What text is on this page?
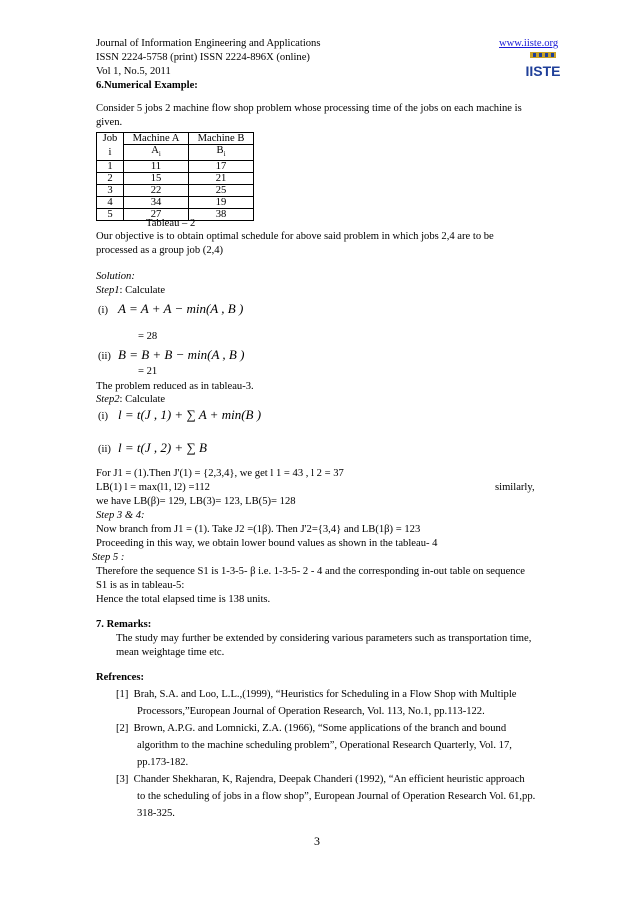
Journal of Information Engineering and Applications	www.iiste.org
ISSN 2224-5758 (print) ISSN 2224-896X (online)
Vol 1, No.5, 2011	IISTE
6.Numerical Example:
Consider 5 jobs 2 machine flow shop problem whose processing time of the jobs on each machine is
given.
Job	Machine A	Machine B
i	$A_i$	$B_i$
1	11	17
2	15	21
3	22	25
4	34	19
5	27	38
Tableau – 2
Our objective is to obtain optimal schedule for above said problem in which jobs 2,4 are to be
processed as a group job (2,4)
Solution:
Step1: Calculate
(i) A = A + A − min(A , B )
= 28
(ii) B = B + B − min(A , B )
= 21
The problem reduced as in tableau-3.
Step2: Calculate
(i) l = t(J , 1) + ∑ A + min(B )
(ii) l = t(J , 2) + ∑ B
For J1 = (1).Then J'(1) = {2,3,4}, we get l 1 = 43 , l 2 = 37
LB(1) l = max(l1, l2) =112	similarly,
we have LB(β)= 129, LB(3)= 123, LB(5)= 128
Step 3 & 4:
Now branch from J1 = (1). Take J2 =(1β). Then J'2={3,4} and LB(1β) = 123
Proceeding in this way, we obtain lower bound values as shown in the tableau- 4
Step 5 :
Therefore the sequence S1 is 1-3-5- β i.e. 1-3-5- 2 - 4 and the corresponding in-out table on sequence
S1 is as in tableau-5:
Hence the total elapsed time is 138 units.
7. Remarks:
The study may further be extended by considering various parameters such as transportation time,
mean weightage time etc.
Refrences:
[1] Brah, S.A. and Loo, L.L.,(1999), “Heuristics for Scheduling in a Flow Shop with Multiple
Processors,”European Journal of Operation Research, Vol. 113, No.1, pp.113-122.
[2] Brown, A.P.G. and Lomnicki, Z.A. (1966), “Some applications of the branch and bound
algorithm to the machine scheduling problem”, Operational Research Quarterly, Vol. 17,
pp.173-182.
[3] Chander Shekharan, K, Rajendra, Deepak Chanderi (1992), “An efficient heuristic approach
to the scheduling of jobs in a flow shop”, European Journal of Operation Research Vol. 61,pp.
318-325.
3
